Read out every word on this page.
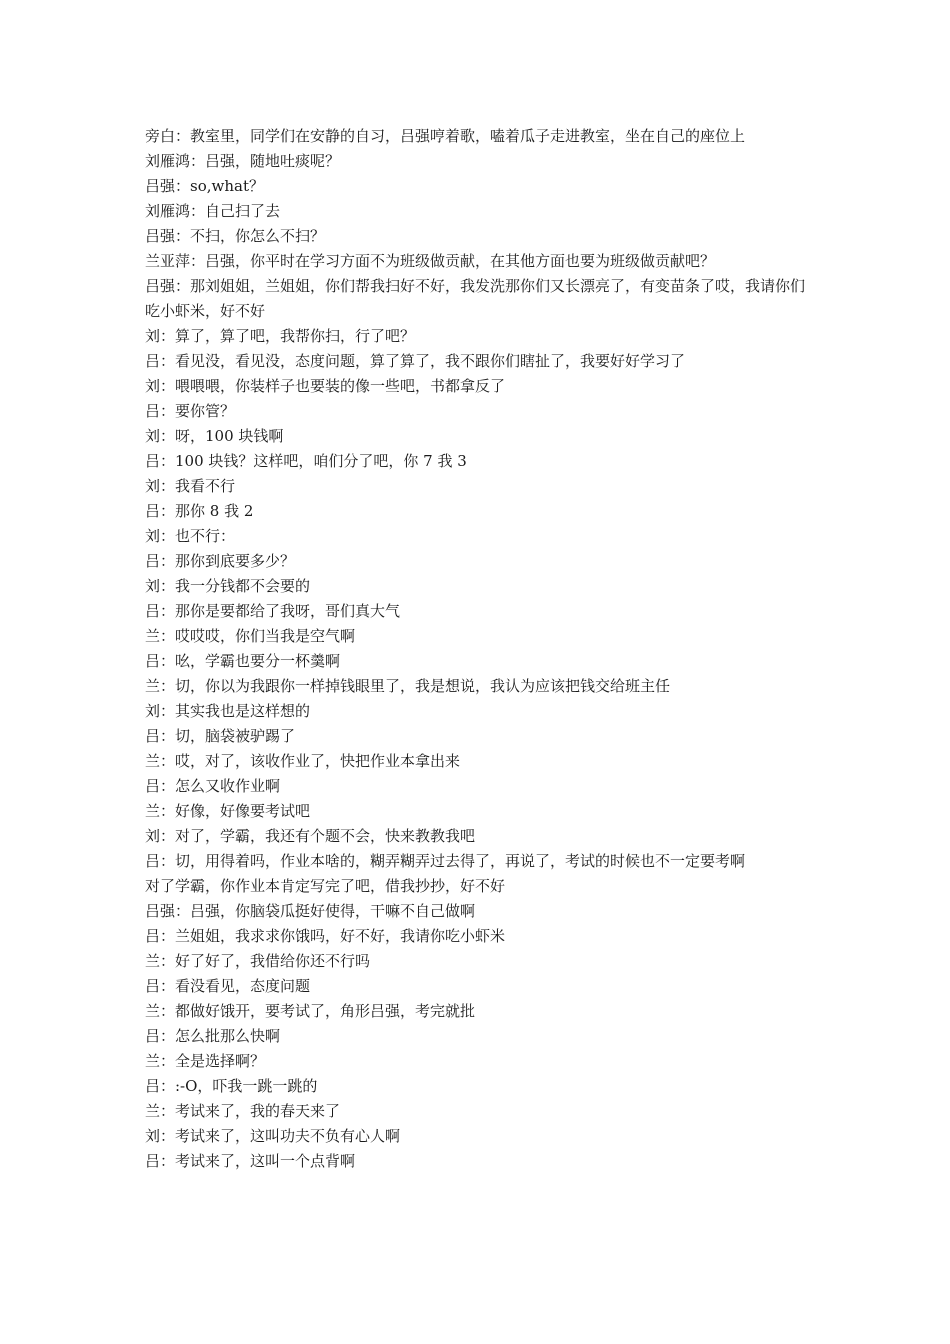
旁白：教室里，同学们在安静的自习，吕强哼着歌，嗑着瓜子走进教室，坐在自己的座位上

刘雁鸿：吕强，随地吐痰呢？

吕强：so,what？

刘雁鸿：自己扫了去

吕强：不扫，你怎么不扫？

兰亚萍：吕强，你平时在学习方面不为班级做贡献，在其他方面也要为班级做贡献吧？

吕强：那刘姐姐，兰姐姐，你们帮我扫好不好，我发洗那你们又长漂亮了，有变苗条了哎，我请你们吃小虾米，好不好

刘：算了，算了吧，我帮你扫，行了吧？

吕：看见没，看见没，态度问题，算了算了，我不跟你们瞎扯了，我要好好学习了

刘：喂喂喂，你装样子也要装的像一些吧，书都拿反了

吕：要你管？

刘：呀，100 块钱啊

吕：100 块钱？这样吧，咱们分了吧，你 7 我 3

刘：我看不行

吕：那你 8 我 2

刘：也不行：

吕：那你到底要多少？

刘：我一分钱都不会要的

吕：那你是要都给了我呀，哥们真大气

兰：哎哎哎，你们当我是空气啊

吕：吆，学霸也要分一杯羹啊

兰：切，你以为我跟你一样掉钱眼里了，我是想说，我认为应该把钱交给班主任

刘：其实我也是这样想的

吕：切，脑袋被驴踢了

兰：哎，对了，该收作业了，快把作业本拿出来

吕：怎么又收作业啊

兰：好像，好像要考试吧

刘：对了，学霸，我还有个题不会，快来教教我吧

吕：切，用得着吗，作业本啥的，糊弄糊弄过去得了，再说了，考试的时候也不一定要考啊

对了学霸，你作业本肯定写完了吧，借我抄抄，好不好

吕强：吕强，你脑袋瓜挺好使得，干嘛不自己做啊

吕：兰姐姐，我求求你饿吗，好不好，我请你吃小虾米

兰：好了好了，我借给你还不行吗

吕：看没看见，态度问题

兰：都做好饿开，要考试了，角形吕强，考完就批

吕：怎么批那么快啊

兰：全是选择啊？

吕：:-O，吓我一跳一跳的

兰：考试来了，我的春天来了

刘：考试来了，这叫功夫不负有心人啊

吕：考试来了，这叫一个点背啊
